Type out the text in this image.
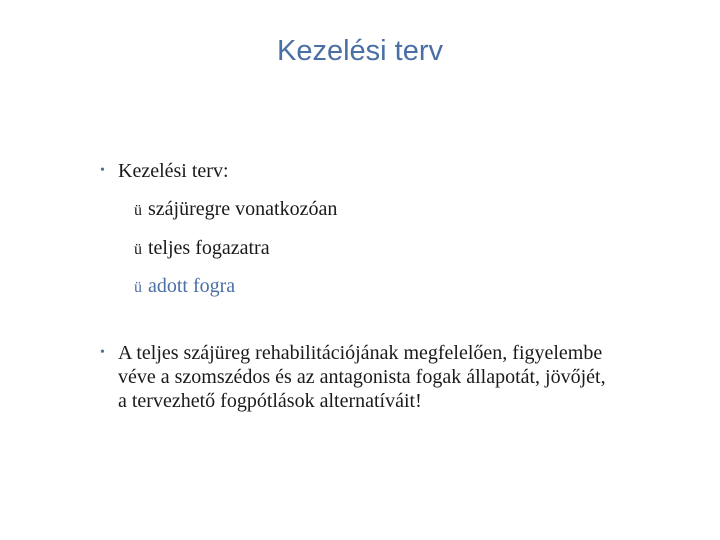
Kezelési terv
• Kezelési terv:
ü szájüregre vonatkozóan
ü teljes fogazatra
ü adott fogra
• A teljes szájüreg rehabilitációjának megfelelően, figyelembe véve a szomszédos és az antagonista fogak állapotát, jövőjét, a tervezhető fogpótlások alternatíváit!
